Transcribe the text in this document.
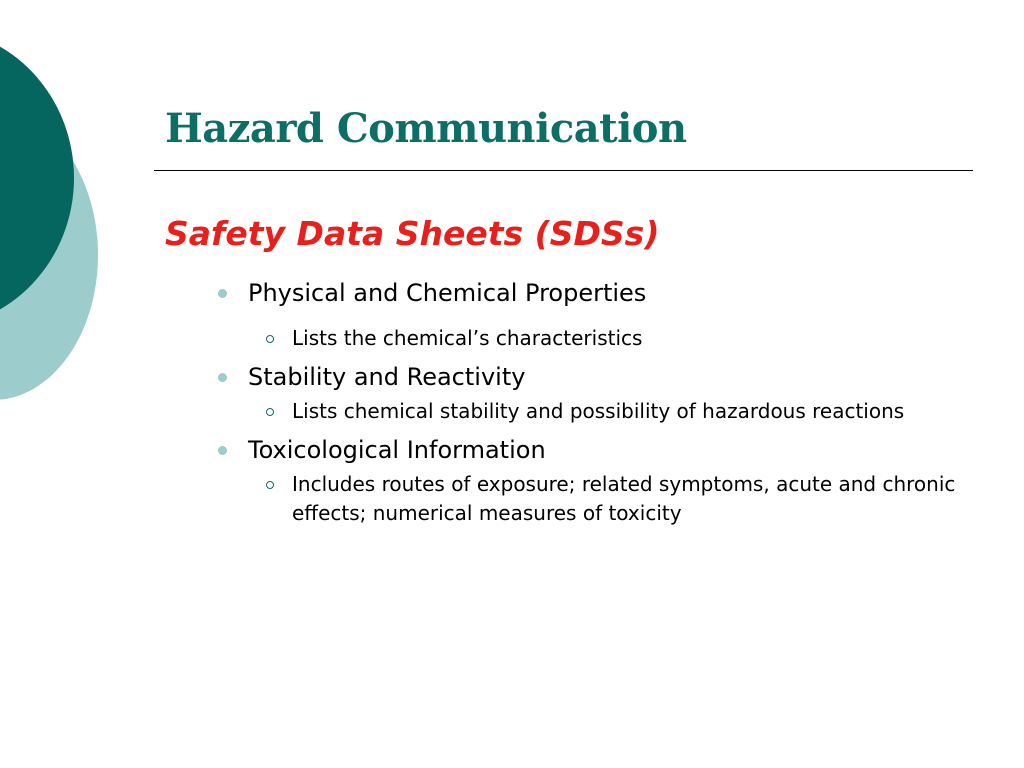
Hazard Communication
Safety Data Sheets (SDSs)
Physical and Chemical Properties
Lists the chemical’s characteristics
Stability and Reactivity
Lists chemical stability and possibility of hazardous reactions
Toxicological Information
Includes routes of exposure; related symptoms, acute and chronic effects; numerical measures of toxicity
